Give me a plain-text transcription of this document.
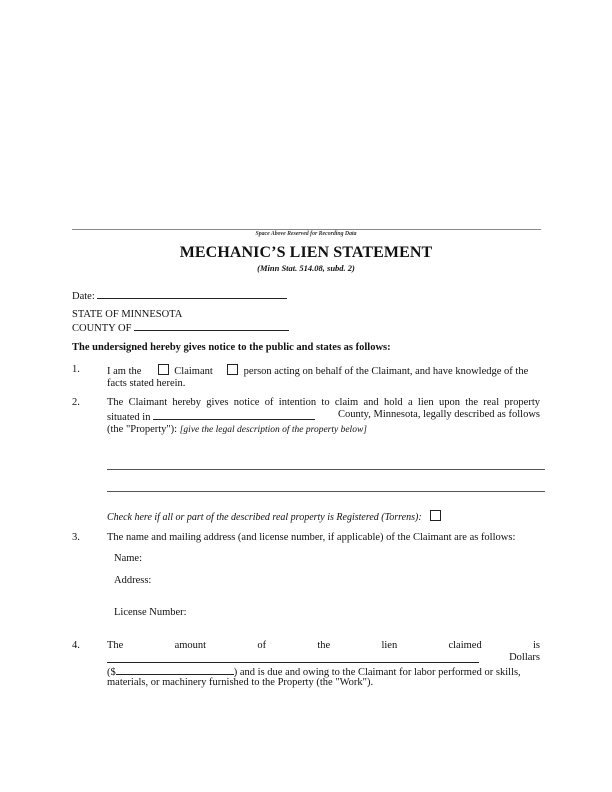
Space Above Reserved for Recording Data
MECHANIC’S LIEN STATEMENT
(Minn Stat. 514.08, subd. 2)
Date:
STATE OF MINNESOTA
COUNTY OF
The undersigned hereby gives notice to the public and states as follows:
1.	I am the	Claimant	person acting on behalf of the Claimant, and have knowledge of the
facts stated herein.
2.	The Claimant hereby gives notice of intention to claim and hold a lien upon the real property
situated in	County, Minnesota, legally described as follows
(the "Property"): [give the legal description of the property below]
Check here if all or part of the described real property is Registered (Torrens):
3.	The name and mailing address (and license number, if applicable) of the Claimant are as follows:
Name:
Address:
License Number:
4.	The	amount	of	the	lien	claimed	is
Dollars
($	) and is due and owing to the Claimant for labor performed or skills,
materials, or machinery furnished to the Property (the "Work").
